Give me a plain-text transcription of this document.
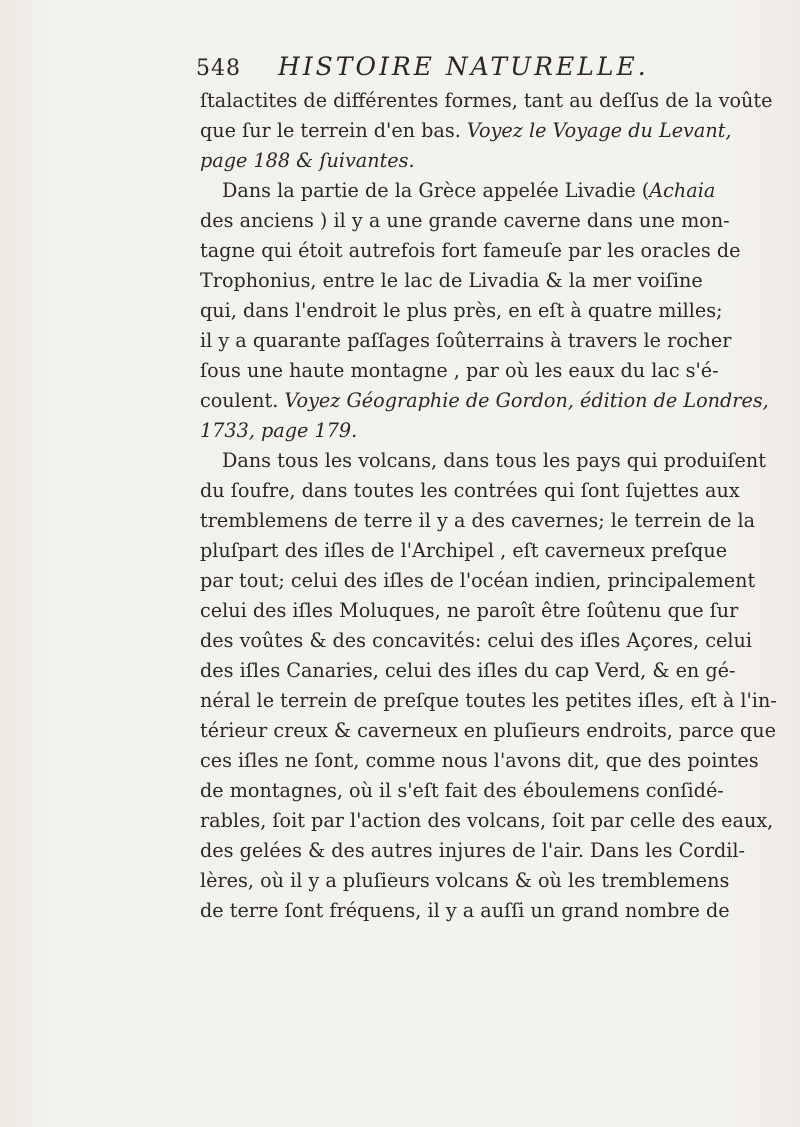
548 HISTOIRE NATURELLE.
ſtalactites de différentes formes, tant au deſſus de la voûte
que ſur le terrein d'en bas. Voyez le Voyage du Levant,
page 188 & ſuivantes.
Dans la partie de la Grèce appelée Livadie (Achaia
des anciens ) il y a une grande caverne dans une mon-
tagne qui étoit autrefois fort fameuſe par les oracles de
Trophonius, entre le lac de Livadia & la mer voiſine
qui, dans l'endroit le plus près, en eſt à quatre milles;
il y a quarante paſſages ſoûterrains à travers le rocher
ſous une haute montagne , par où les eaux du lac s'é-
coulent. Voyez Géographie de Gordon, édition de Londres,
1733, page 179.
Dans tous les volcans, dans tous les pays qui produiſent
du ſoufre, dans toutes les contrées qui ſont ſujettes aux
tremblemens de terre il y a des cavernes; le terrein de la
pluſpart des iſles de l'Archipel , eſt caverneux preſque
par tout; celui des iſles de l'océan indien, principalement
celui des iſles Moluques, ne paroît être ſoûtenu que ſur
des voûtes & des concavités: celui des iſles Açores, celui
des iſles Canaries, celui des iſles du cap Verd, & en gé-
néral le terrein de preſque toutes les petites iſles, eſt à l'in-
térieur creux & caverneux en pluſieurs endroits, parce que
ces iſles ne ſont, comme nous l'avons dit, que des pointes
de montagnes, où il s'eſt fait des éboulemens conſidé-
rables, ſoit par l'action des volcans, ſoit par celle des eaux,
des gelées & des autres injures de l'air. Dans les Cordil-
lères, où il y a pluſieurs volcans & où les tremblemens
de terre ſont fréquens, il y a auſſi un grand nombre de
